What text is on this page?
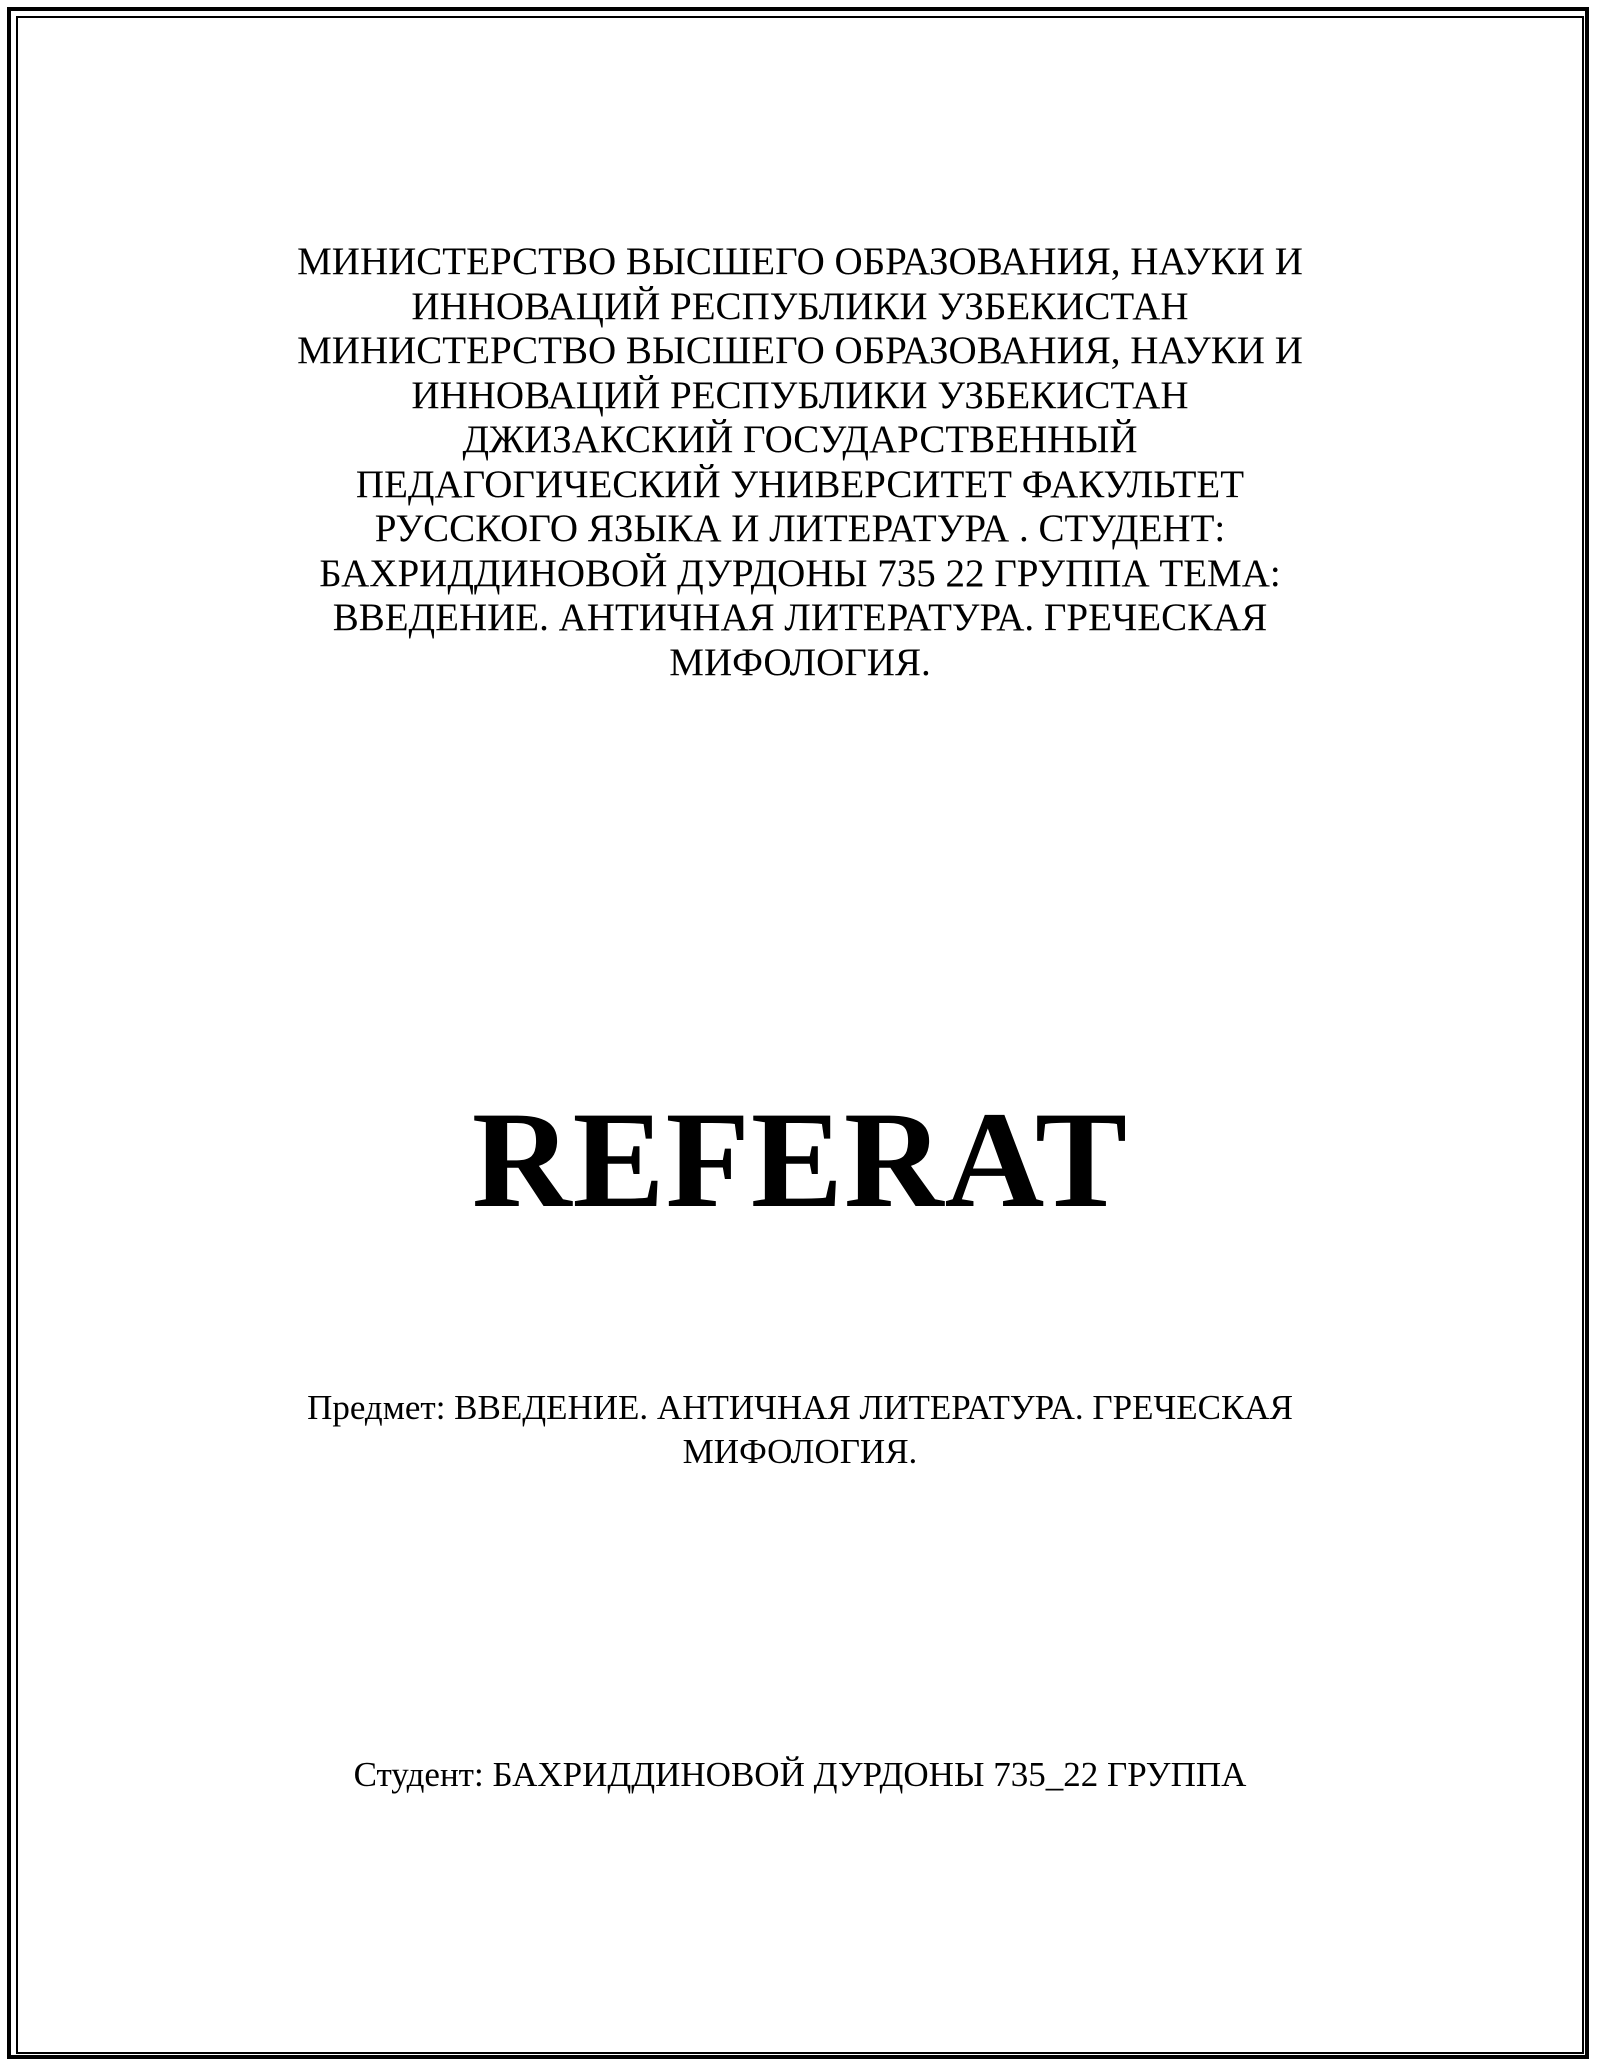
МИНИСТЕРСТВО ВЫСШЕГО ОБРАЗОВАНИЯ, НАУКИ И
ИННОВАЦИЙ РЕСПУБЛИКИ УЗБЕКИСТАН
МИНИСТЕРСТВО ВЫСШЕГО ОБРАЗОВАНИЯ, НАУКИ И
ИННОВАЦИЙ РЕСПУБЛИКИ УЗБЕКИСТАН
ДЖИЗАКСКИЙ ГОСУДАРСТВЕННЫЙ
ПЕДАГОГИЧЕСКИЙ УНИВЕРСИТЕТ ФАКУЛЬТЕТ
РУССКОГО ЯЗЫКА И ЛИТЕРАТУРА . СТУДЕНТ:
БАХРИДДИНОВОЙ ДУРДОНЫ 735 22 ГРУППА ТЕМА:
ВВЕДЕНИЕ. АНТИЧНАЯ ЛИТЕРАТУРА. ГРЕЧЕСКАЯ
МИФОЛОГИЯ.
REFERAT
Предмет: ВВЕДЕНИЕ. АНТИЧНАЯ ЛИТЕРАТУРА. ГРЕЧЕСКАЯ
МИФОЛОГИЯ.
Студент: БАХРИДДИНОВОЙ ДУРДОНЫ 735_22 ГРУППА
